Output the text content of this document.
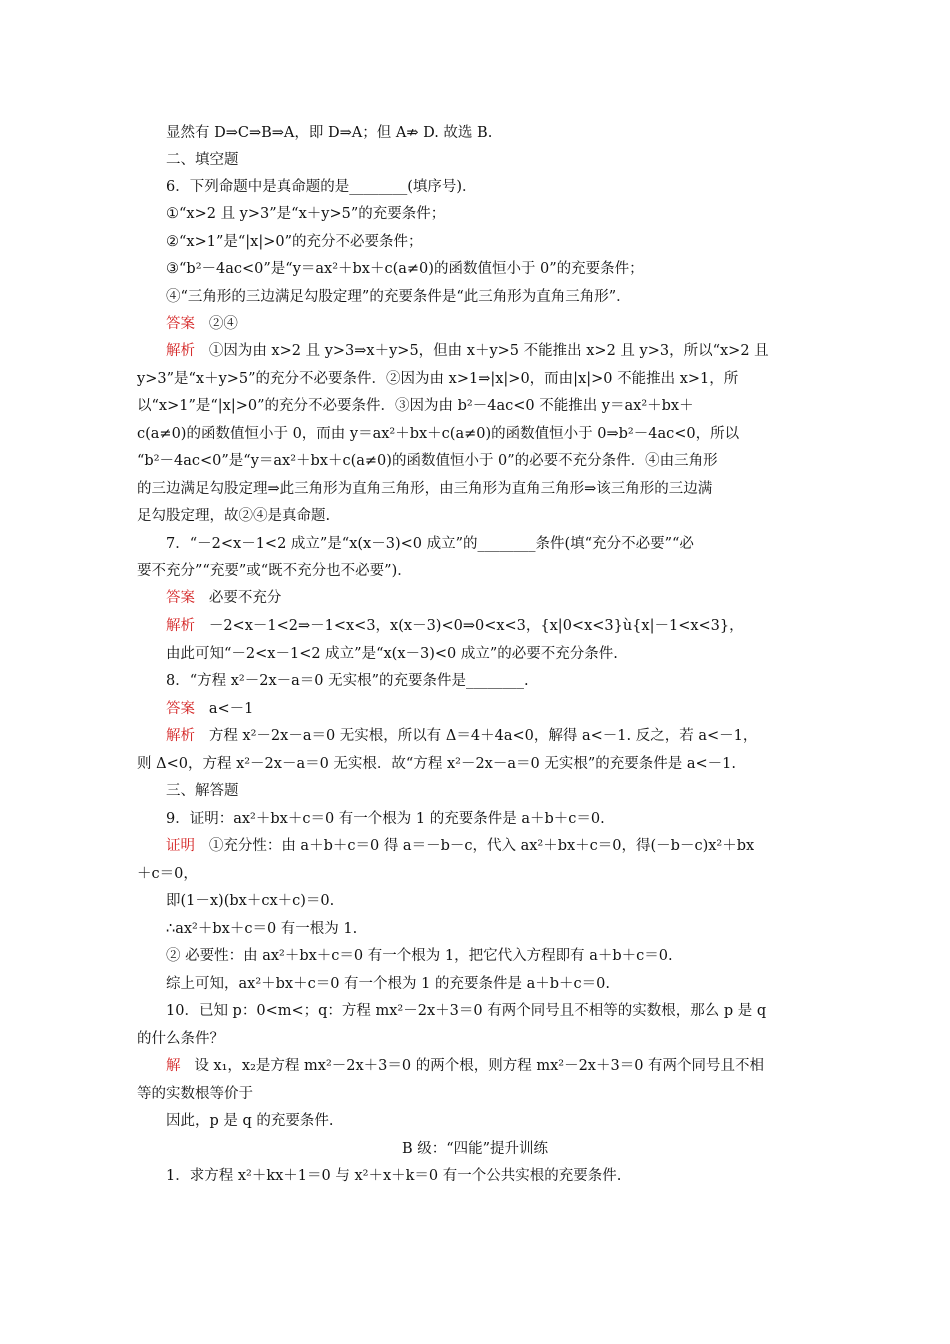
显然有 D⇒C⇒B⇒A，即 D⇒A；但 A⇏ D. 故选 B.
二、填空题
6．下列命题中是真命题的是________(填序号)．
①“x>2 且 y>3”是“x＋y>5”的充要条件；
②“x>1”是“|x|>0”的充分不必要条件；
③“b²－4ac<0”是“y＝ax²＋bx＋c(a≠0)的函数值恒小于 0”的充要条件；
④“三角形的三边满足勾股定理”的充要条件是“此三角形为直角三角形”．
答案 ②④
解析 ①因为由 x>2 且 y>3⇒x＋y>5，但由 x＋y>5 不能推出 x>2 且 y>3，所以“x>2 且
y>3”是“x＋y>5”的充分不必要条件．②因为由 x>1⇒|x|>0，而由|x|>0 不能推出 x>1，所
以“x>1”是“|x|>0”的充分不必要条件．③因为由 b²－4ac<0 不能推出 y＝ax²＋bx＋
c(a≠0)的函数值恒小于 0，而由 y＝ax²＋bx＋c(a≠0)的函数值恒小于 0⇒b²－4ac<0，所以
“b²－4ac<0”是“y＝ax²＋bx＋c(a≠0)的函数值恒小于 0”的必要不充分条件．④由三角形
的三边满足勾股定理⇒此三角形为直角三角形，由三角形为直角三角形⇒该三角形的三边满
足勾股定理，故②④是真命题.
7．“－2<x－1<2 成立”是“x(x－3)<0 成立”的________条件(填“充分不必要”“必
要不充分”“充要”或“既不充分也不必要”)．
答案 必要不充分
解析 －2<x－1<2⇒－1<x<3，x(x－3)<0⇒0<x<3，{x|0<x<3}ù{x|－1<x<3}，
由此可知“－2<x－1<2 成立”是“x(x－3)<0 成立”的必要不充分条件.
8．“方程 x²－2x－a＝0 无实根”的充要条件是________.
答案 a<－1
解析 方程 x²－2x－a＝0 无实根，所以有 Δ＝4＋4a<0，解得 a<－1. 反之，若 a<－1，
则 Δ<0，方程 x²－2x－a＝0 无实根．故“方程 x²－2x－a＝0 无实根”的充要条件是 a<－1.
三、解答题
9．证明：ax²＋bx＋c＝0 有一个根为 1 的充要条件是 a＋b＋c＝0.
证明 ①充分性：由 a＋b＋c＝0 得 a＝－b－c，代入 ax²＋bx＋c＝0，得(－b－c)x²＋bx
＋c＝0，
即(1－x)(bx＋cx＋c)＝0.
∴ax²＋bx＋c＝0 有一根为 1.
② 必要性：由 ax²＋bx＋c＝0 有一个根为 1，把它代入方程即有 a＋b＋c＝0.
综上可知，ax²＋bx＋c＝0 有一个根为 1 的充要条件是 a＋b＋c＝0.
10．已知 p：0<m<；q：方程 mx²－2x＋3＝0 有两个同号且不相等的实数根，那么 p 是 q
的什么条件？
解 设 x₁，x₂是方程 mx²－2x＋3＝0 的两个根，则方程 mx²－2x＋3＝0 有两个同号且不相
等的实数根等价于
因此，p 是 q 的充要条件.
B 级：“四能”提升训练
1．求方程 x²＋kx＋1＝0 与 x²＋x＋k＝0 有一个公共实根的充要条件.
